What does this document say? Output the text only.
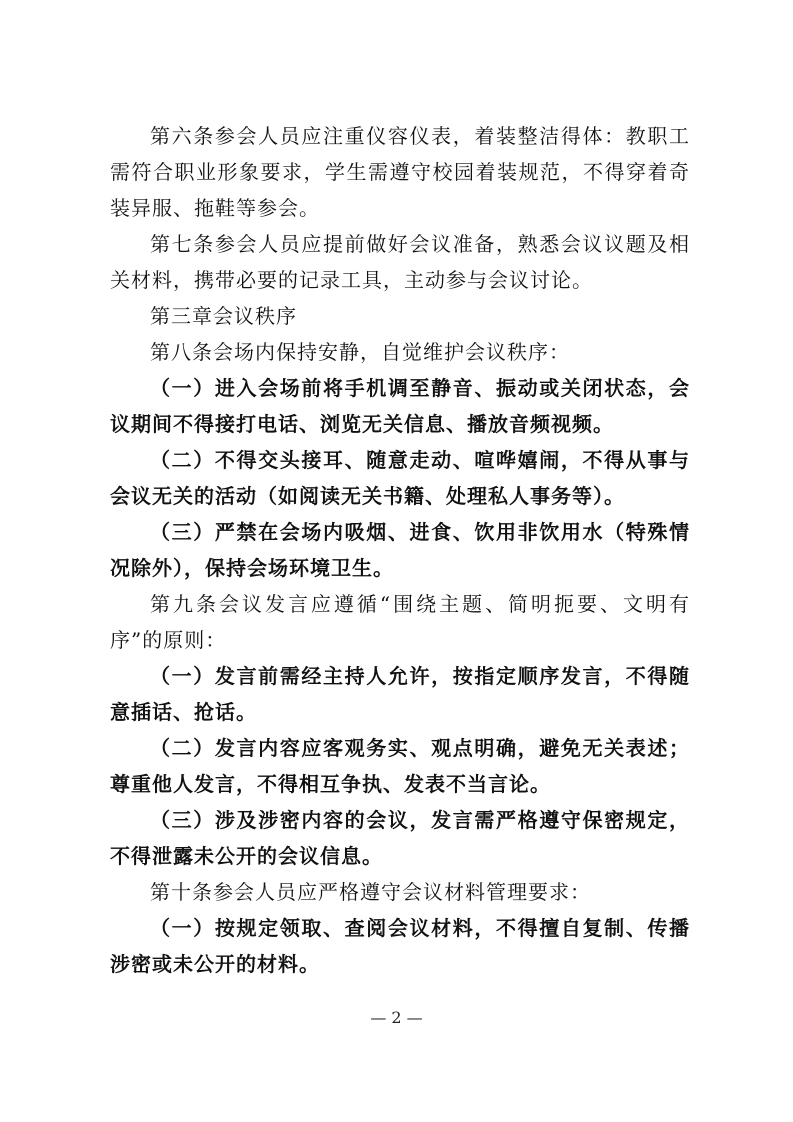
第六条参会人员应注重仪容仪表，着装整洁得体：教职工需符合职业形象要求，学生需遵守校园着装规范，不得穿着奇装异服、拖鞋等参会。

第七条参会人员应提前做好会议准备，熟悉会议议题及相关材料，携带必要的记录工具，主动参与会议讨论。

第三章会议秩序

第八条会场内保持安静，自觉维护会议秩序：

（一）进入会场前将手机调至静音、振动或关闭状态，会议期间不得接打电话、浏览无关信息、播放音频视频。

（二）不得交头接耳、随意走动、喧哗嬉闹，不得从事与会议无关的活动（如阅读无关书籍、处理私人事务等）。

（三）严禁在会场内吸烟、进食、饮用非饮用水（特殊情况除外），保持会场环境卫生。

第九条会议发言应遵循“围绕主题、简明扼要、文明有序”的原则：

（一）发言前需经主持人允许，按指定顺序发言，不得随意插话、抢话。

（二）发言内容应客观务实、观点明确，避免无关表述；尊重他人发言，不得相互争执、发表不当言论。

（三）涉及涉密内容的会议，发言需严格遵守保密规定，不得泄露未公开的会议信息。

第十条参会人员应严格遵守会议材料管理要求：

（一）按规定领取、查阅会议材料，不得擅自复制、传播涉密或未公开的材料。

— 2 —
